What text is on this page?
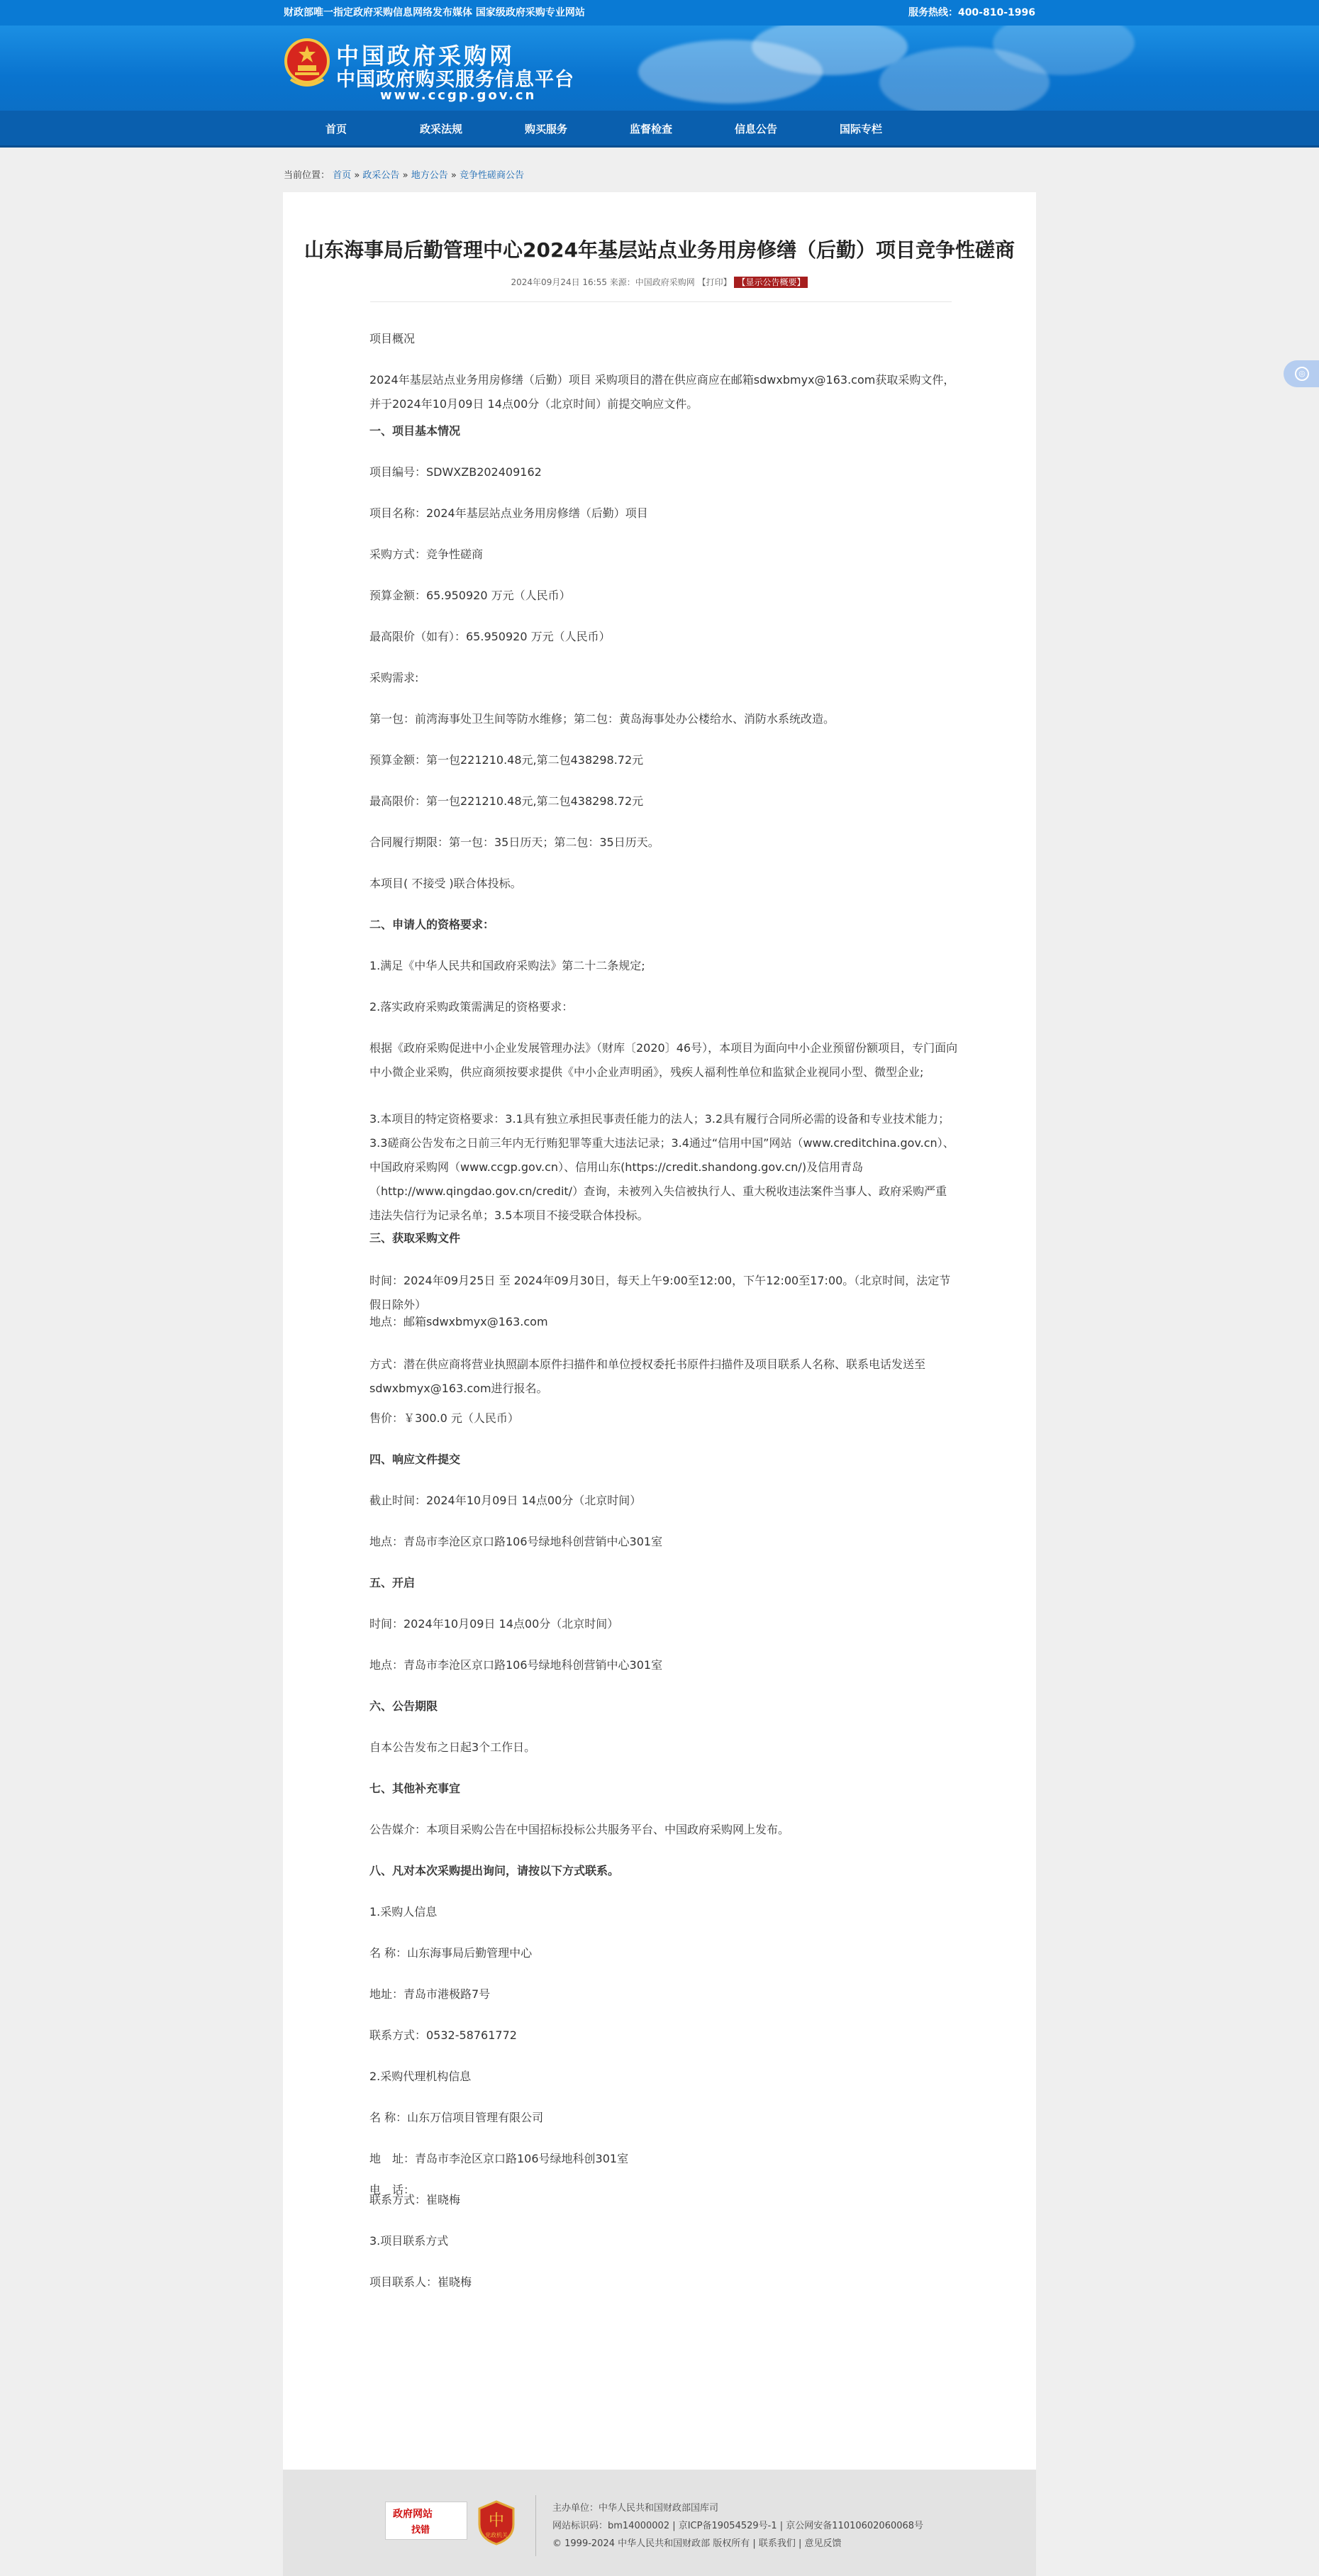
财政部唯一指定政府采购信息网络发布媒体 国家级政府采购专业网站	服务热线：400-810-1996
中国政府采购网
中国政府购买服务信息平台
www.ccgp.gov.cn
首页	政采法规	购买服务	监督检查	信息公告	国际专栏
◎
当前位置： 首页 » 政采公告 » 地方公告 » 竞争性磋商公告
山东海事局后勤管理中心2024年基层站点业务用房修缮（后勤）项目竞争性磋商
2024年09月24日 16:55 来源：中国政府采购网 【打印】 【显示公告概要】
项目概况
2024年基层站点业务用房修缮（后勤）项目 采购项目的潜在供应商应在邮箱sdwxbmyx@163.com获取采购文件，并于2024年10月09日 14点00分（北京时间）前提交响应文件。
一、项目基本情况
项目编号：SDWXZB202409162
项目名称：2024年基层站点业务用房修缮（后勤）项目
采购方式：竞争性磋商
预算金额：65.950920 万元（人民币）
最高限价（如有）：65.950920 万元（人民币）
采购需求:
第一包：前湾海事处卫生间等防水维修；第二包：黄岛海事处办公楼给水、消防水系统改造。
预算金额：第一包221210.48元,第二包438298.72元
最高限价：第一包221210.48元,第二包438298.72元
合同履行期限：第一包：35日历天；第二包：35日历天。
本项目( 不接受 )联合体投标。
二、申请人的资格要求：
1.满足《中华人民共和国政府采购法》第二十二条规定;
2.落实政府采购政策需满足的资格要求：
根据《政府采购促进中小企业发展管理办法》（财库〔2020〕46号），本项目为面向中小企业预留份额项目，专门面向中小微企业采购，供应商须按要求提供《中小企业声明函》，残疾人福利性单位和监狱企业视同小型、微型企业;
3.本项目的特定资格要求：3.1具有独立承担民事责任能力的法人；3.2具有履行合同所必需的设备和专业技术能力；3.3磋商公告发布之日前三年内无行贿犯罪等重大违法记录；3.4通过“信用中国”网站（www.creditchina.gov.cn）、中国政府采购网（www.ccgp.gov.cn）、信用山东(https://credit.shandong.gov.cn/)及信用青岛（http://www.qingdao.gov.cn/credit/）查询，未被列入失信被执行人、重大税收违法案件当事人、政府采购严重违法失信行为记录名单；3.5本项目不接受联合体投标。
三、获取采购文件
时间：2024年09月25日 至 2024年09月30日，每天上午9:00至12:00，下午12:00至17:00。（北京时间，法定节假日除外）
地点：邮箱sdwxbmyx@163.com
方式：潜在供应商将营业执照副本原件扫描件和单位授权委托书原件扫描件及项目联系人名称、联系电话发送至sdwxbmyx@163.com进行报名。
售价：￥300.0 元（人民币）
四、响应文件提交
截止时间：2024年10月09日 14点00分（北京时间）
地点：青岛市李沧区京口路106号绿地科创营销中心301室
五、开启
时间：2024年10月09日 14点00分（北京时间）
地点：青岛市李沧区京口路106号绿地科创营销中心301室
六、公告期限
自本公告发布之日起3个工作日。
七、其他补充事宜
公告媒介：本项目采购公告在中国招标投标公共服务平台、中国政府采购网上发布。
八、凡对本次采购提出询问，请按以下方式联系。
1.采购人信息
名 称：山东海事局后勤管理中心
地址：青岛市港极路7号
联系方式：0532-58761772
2.采购代理机构信息
名 称：山东万信项目管理有限公司
地　址：青岛市李沧区京口路106号绿地科创301室
联系方式：崔晓梅
3.项目联系方式
项目联系人：崔晓梅
电　话：
政府网站
找错
中
党政机关
主办单位：中华人民共和国财政部国库司
网站标识码：bm14000002 | 京ICP备19054529号-1 | 京公网安备11010602060068号
© 1999-2024 中华人民共和国财政部 版权所有 | 联系我们 | 意见反馈
